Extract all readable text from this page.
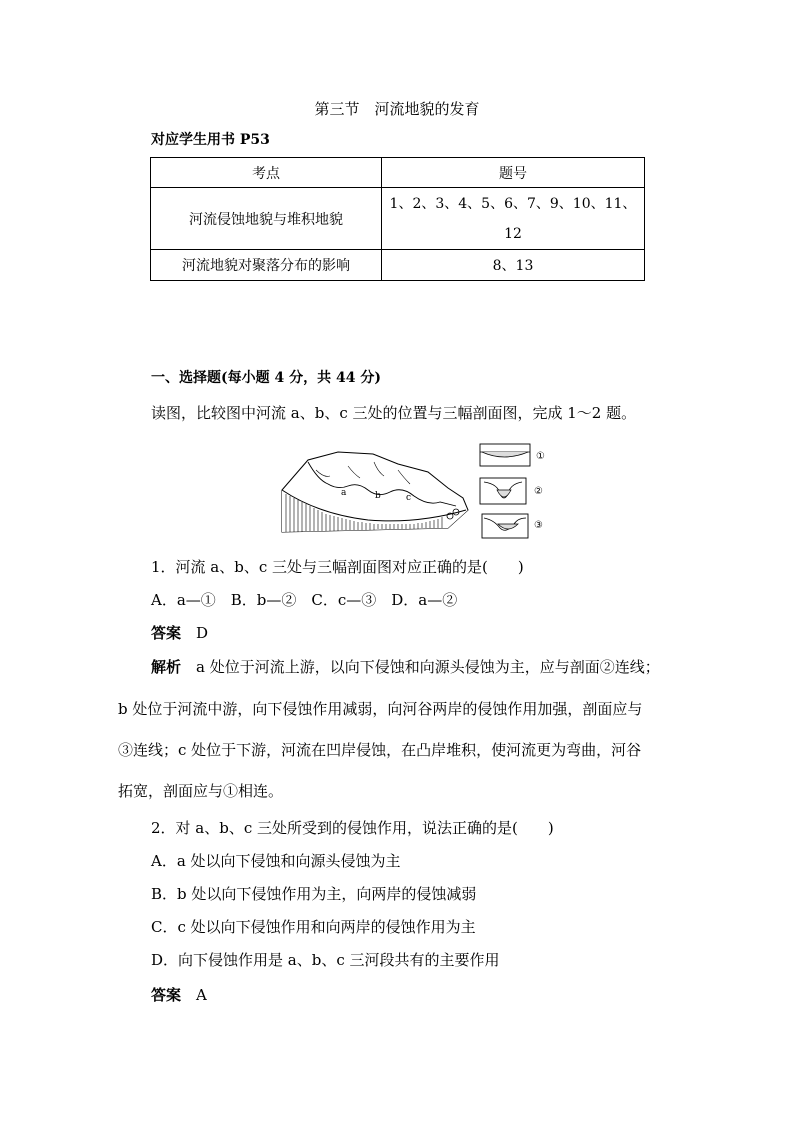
第三节　河流地貌的发育
对应学生用书 P53
考点	题号
河流侵蚀地貌与堆积地貌	1、2、3、4、5、6、7、9、10、11、
12

河流地貌对聚落分布的影响	8、13
一、选择题(每小题 4 分，共 44 分)
读图，比较图中河流 a、b、c 三处的位置与三幅剖面图，完成 1～2 题。
a	b	c
①
②
③
1．河流 a、b、c 三处与三幅剖面图对应正确的是(　　)
A．a—①　B．b—②　C．c—③　D．a—②
答案　 D
解析　 a 处位于河流上游，以向下侵蚀和向源头侵蚀为主，应与剖面②连线；
b 处位于河流中游，向下侵蚀作用减弱，向河谷两岸的侵蚀作用加强，剖面应与
③连线；c 处位于下游，河流在凹岸侵蚀，在凸岸堆积，使河流更为弯曲，河谷
拓宽，剖面应与①相连。
2．对 a、b、c 三处所受到的侵蚀作用，说法正确的是(　　)
A．a 处以向下侵蚀和向源头侵蚀为主
B．b 处以向下侵蚀作用为主，向两岸的侵蚀减弱
C．c 处以向下侵蚀作用和向两岸的侵蚀作用为主
D．向下侵蚀作用是 a、b、c 三河段共有的主要作用
答案　 A
